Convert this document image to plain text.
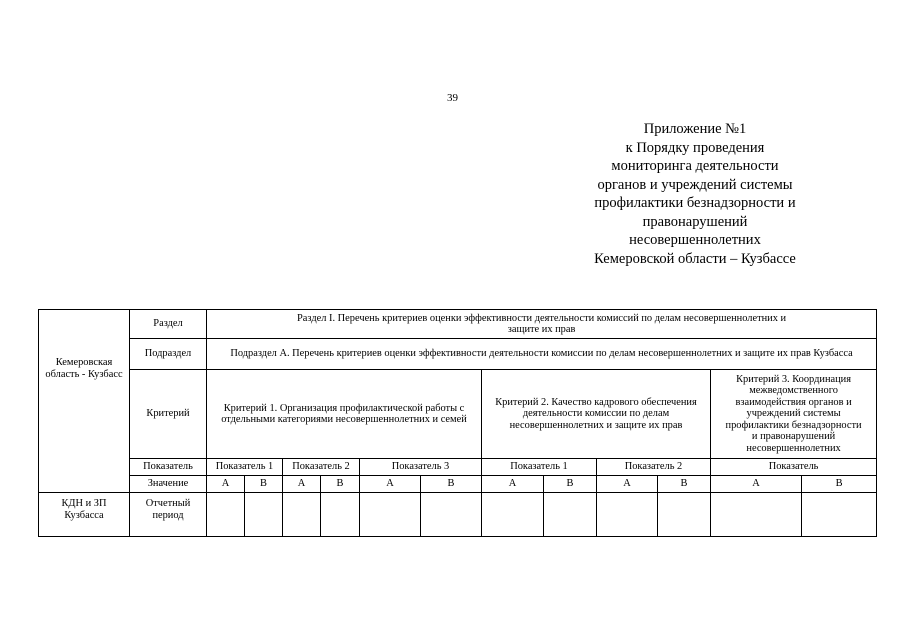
39
Приложение №1
к Порядку проведения
мониторинга деятельности
органов и учреждений системы
профилактики безнадзорности и
правонарушений
несовершеннолетних
Кемеровской области – Кузбассе
Кемеровская область - Кузбасс	Раздел	Раздел I. Перечень критериев оценки эффективности деятельности комиссий по делам несовершеннолетних и защите их прав											
	Подраздел	Подраздел А. Перечень критериев оценки эффективности деятельности комиссии по делам несовершеннолетних и защите их прав Кузбасса											
	Критерий	Критерий 1. Организация профилактической работы с отдельными категориями несовершеннолетних и семей						Критерий 2. Качество кадрового обеспечения деятельности комиссии по делам несовершеннолетних и защите их прав				Критерий 3. Координация межведомственного взаимодействия органов и учреждений системы профилактики безнадзорности и правонарушений несовершеннолетних	
	Показатель	Показатель 1		Показатель 2		Показатель 3		Показатель 1		Показатель 2		Показатель	
	Значение	А	В	А	В	А	В	А	В	А	В	А	В
КДН и ЗП Кузбасса	Отчетный период												
